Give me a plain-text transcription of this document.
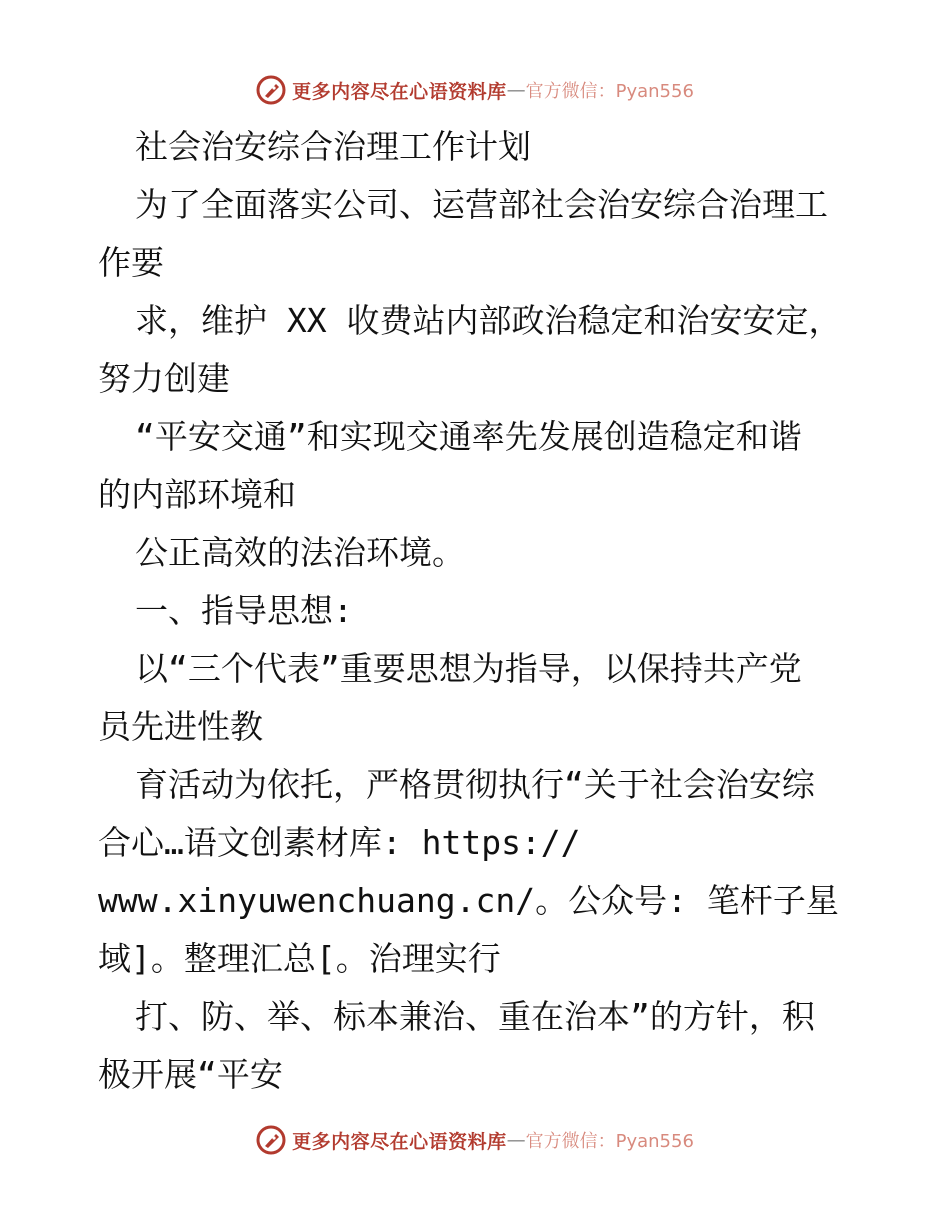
更多内容尽在心语资料库 — 官方微信：Pyan556
社会治安综合治理工作计划
为了全面落实公司、运营部社会治安综合治理工
作要
求，维护 XX 收费站内部政治稳定和治安安定，
努力创建
“平安交通”和实现交通率先发展创造稳定和谐
的内部环境和
公正高效的法治环境。
一、指导思想:
以“三个代表”重要思想为指导，以保持共产党
员先进性教
育活动为依托，严格贯彻执行“关于社会治安综
合心…语文创素材库: https://
www.xinyuwenchuang.cn/。公众号: 笔杆子星
域]。整理汇总[。治理实行
打、防、举、标本兼治、重在治本”的方针，积
极开展“平安
更多内容尽在心语资料库 — 官方微信：Pyan556
